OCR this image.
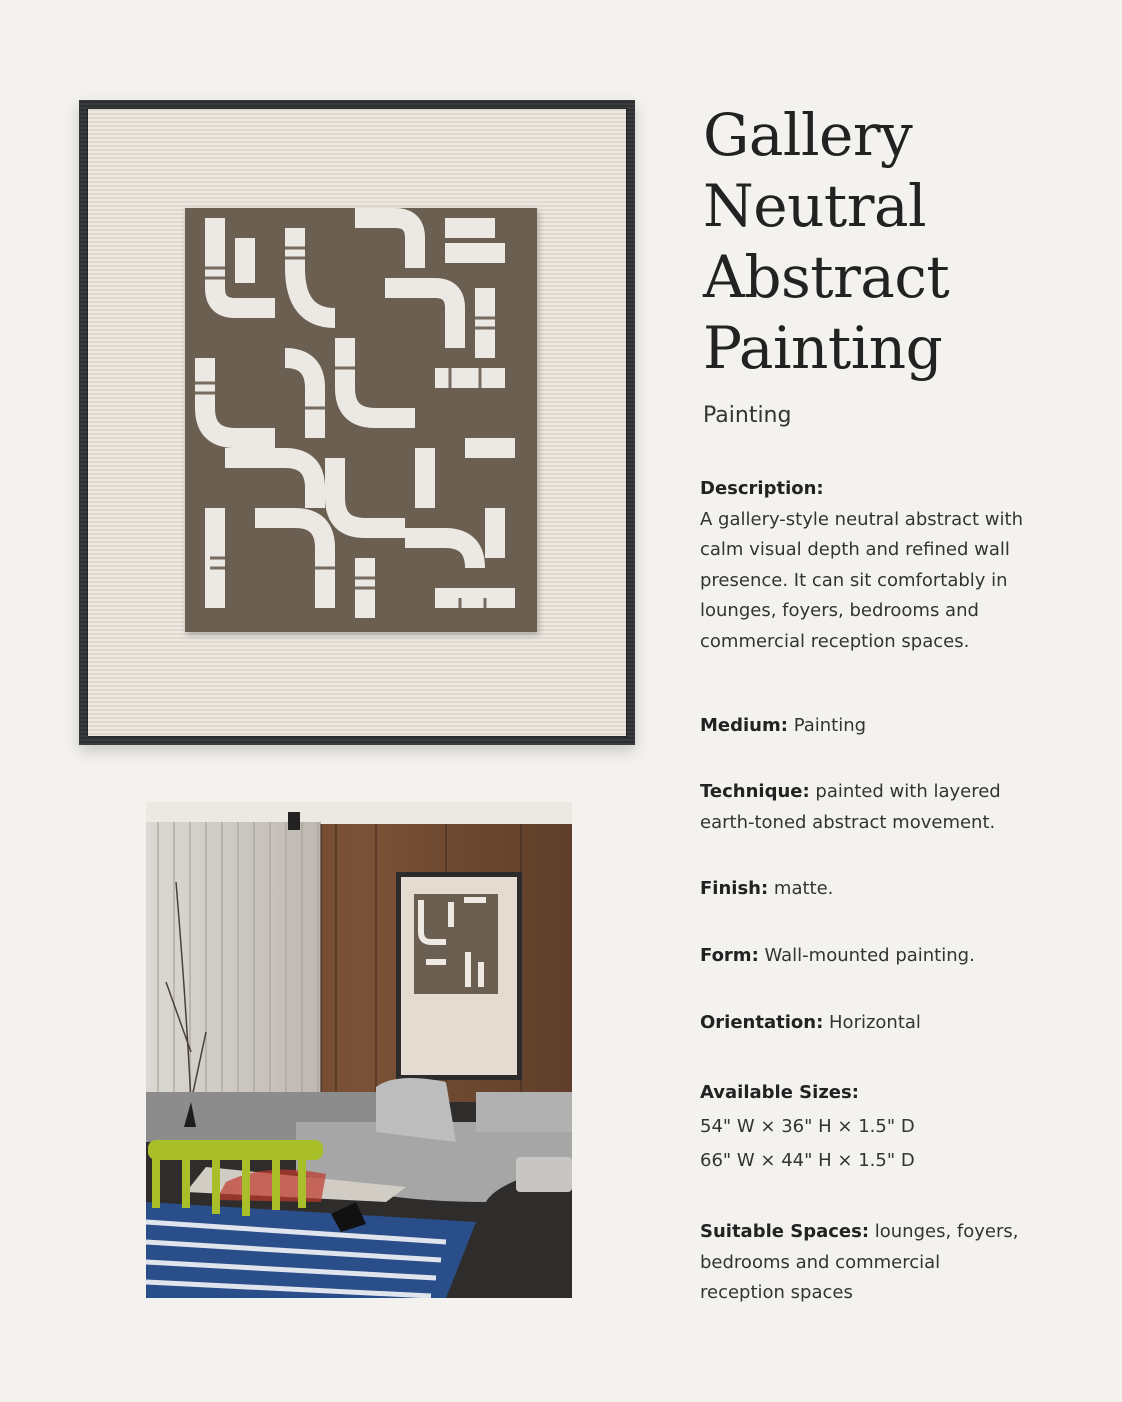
Gallery
Neutral
Abstract
Painting
Painting
Description:
A gallery-style neutral abstract with calm visual depth and refined wall presence. It can sit comfortably in lounges, foyers, bedrooms and commercial reception spaces.
Medium: Painting
Technique: painted with layered earth-toned abstract movement.
Finish: matte.
Form: Wall-mounted painting.
Orientation: Horizontal
Available Sizes:
54" W × 36" H × 1.5" D
66" W × 44" H × 1.5" D
Suitable Spaces: lounges, foyers, bedrooms and commercial reception spaces
